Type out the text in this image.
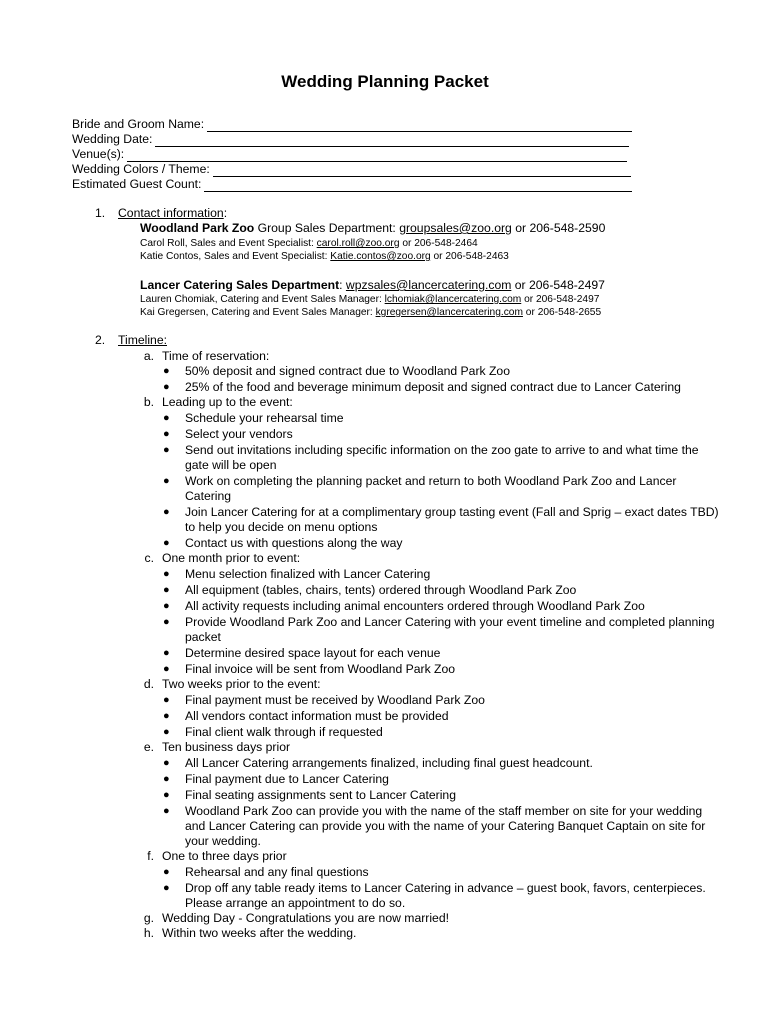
Wedding Planning Packet
Bride and Groom Name:
Wedding Date:
Venue(s):
Wedding Colors / Theme:
Estimated Guest Count:
1. Contact information:
Woodland Park Zoo Group Sales Department: groupsales@zoo.org or 206-548-2590
Carol Roll, Sales and Event Specialist: carol.roll@zoo.org or 206-548-2464
Katie Contos, Sales and Event Specialist: Katie.contos@zoo.org or 206-548-2463
Lancer Catering Sales Department: wpzsales@lancercatering.com or 206-548-2497
Lauren Chomiak, Catering and Event Sales Manager: lchomiak@lancercatering.com or 206-548-2497
Kai Gregersen, Catering and Event Sales Manager: kgregersen@lancercatering.com or 206-548-2655
2. Timeline:
a. Time of reservation:
● 50% deposit and signed contract due to Woodland Park Zoo
● 25% of the food and beverage minimum deposit and signed contract due to Lancer Catering
b. Leading up to the event:
● Schedule your rehearsal time
● Select your vendors
● Send out invitations including specific information on the zoo gate to arrive to and what time the
gate will be open
● Work on completing the planning packet and return to both Woodland Park Zoo and Lancer
Catering
● Join Lancer Catering for at a complimentary group tasting event (Fall and Sprig – exact dates TBD)
to help you decide on menu options
● Contact us with questions along the way
c. One month prior to event:
● Menu selection finalized with Lancer Catering
● All equipment (tables, chairs, tents) ordered through Woodland Park Zoo
● All activity requests including animal encounters ordered through Woodland Park Zoo
● Provide Woodland Park Zoo and Lancer Catering with your event timeline and completed planning
packet
● Determine desired space layout for each venue
● Final invoice will be sent from Woodland Park Zoo
d. Two weeks prior to the event:
● Final payment must be received by Woodland Park Zoo
● All vendors contact information must be provided
● Final client walk through if requested
e. Ten business days prior
● All Lancer Catering arrangements finalized, including final guest headcount.
● Final payment due to Lancer Catering
● Final seating assignments sent to Lancer Catering
● Woodland Park Zoo can provide you with the name of the staff member on site for your wedding
and Lancer Catering can provide you with the name of your Catering Banquet Captain on site for
your wedding.
f. One to three days prior
● Rehearsal and any final questions
● Drop off any table ready items to Lancer Catering in advance – guest book, favors, centerpieces.
Please arrange an appointment to do so.
g. Wedding Day - Congratulations you are now married!
h. Within two weeks after the wedding.
